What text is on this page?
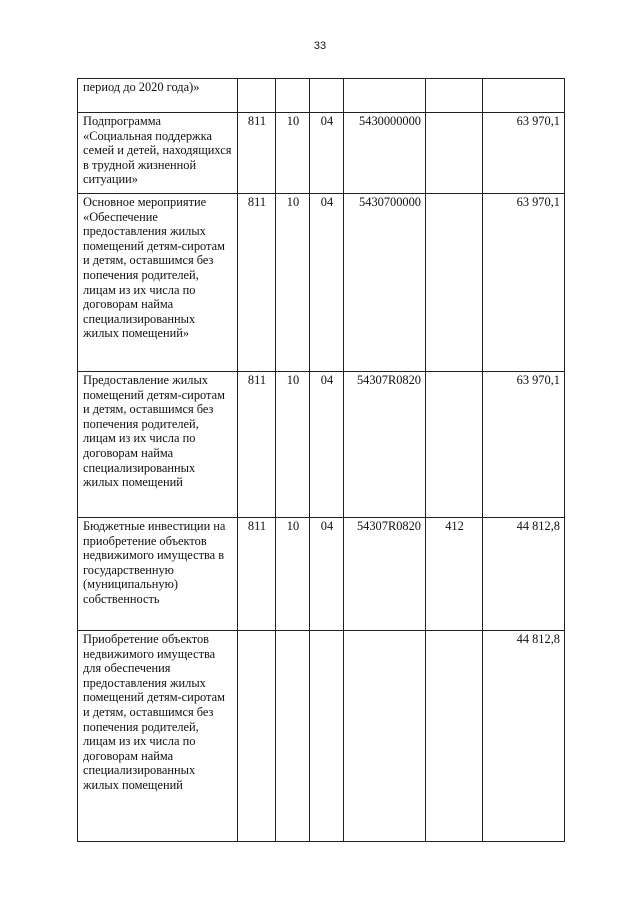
33
период до 2020 года)»						
Подпрограмма «Социальная поддержка семей и детей, находящихся в трудной жизненной ситуации»	811	10	04	5430000000		63 970,1
Основное мероприятие «Обеспечение предоставления жилых помещений детям-сиротам и детям, оставшимся без попечения родителей, лицам из их числа по договорам найма специализированных жилых помещений»	811	10	04	5430700000		63 970,1
Предоставление жилых помещений детям-сиротам и детям, оставшимся без попечения родителей, лицам из их числа по договорам найма специализированных жилых помещений	811	10	04	54307R0820		63 970,1
Бюджетные инвестиции на приобретение объектов недвижимого имущества в государственную (муниципальную) собственность	811	10	04	54307R0820	412	44 812,8
Приобретение объектов недвижимого имущества для обеспечения предоставления жилых помещений детям-сиротам и детям, оставшимся без попечения родителей, лицам из их числа по договорам найма специализированных жилых помещений						44 812,8
